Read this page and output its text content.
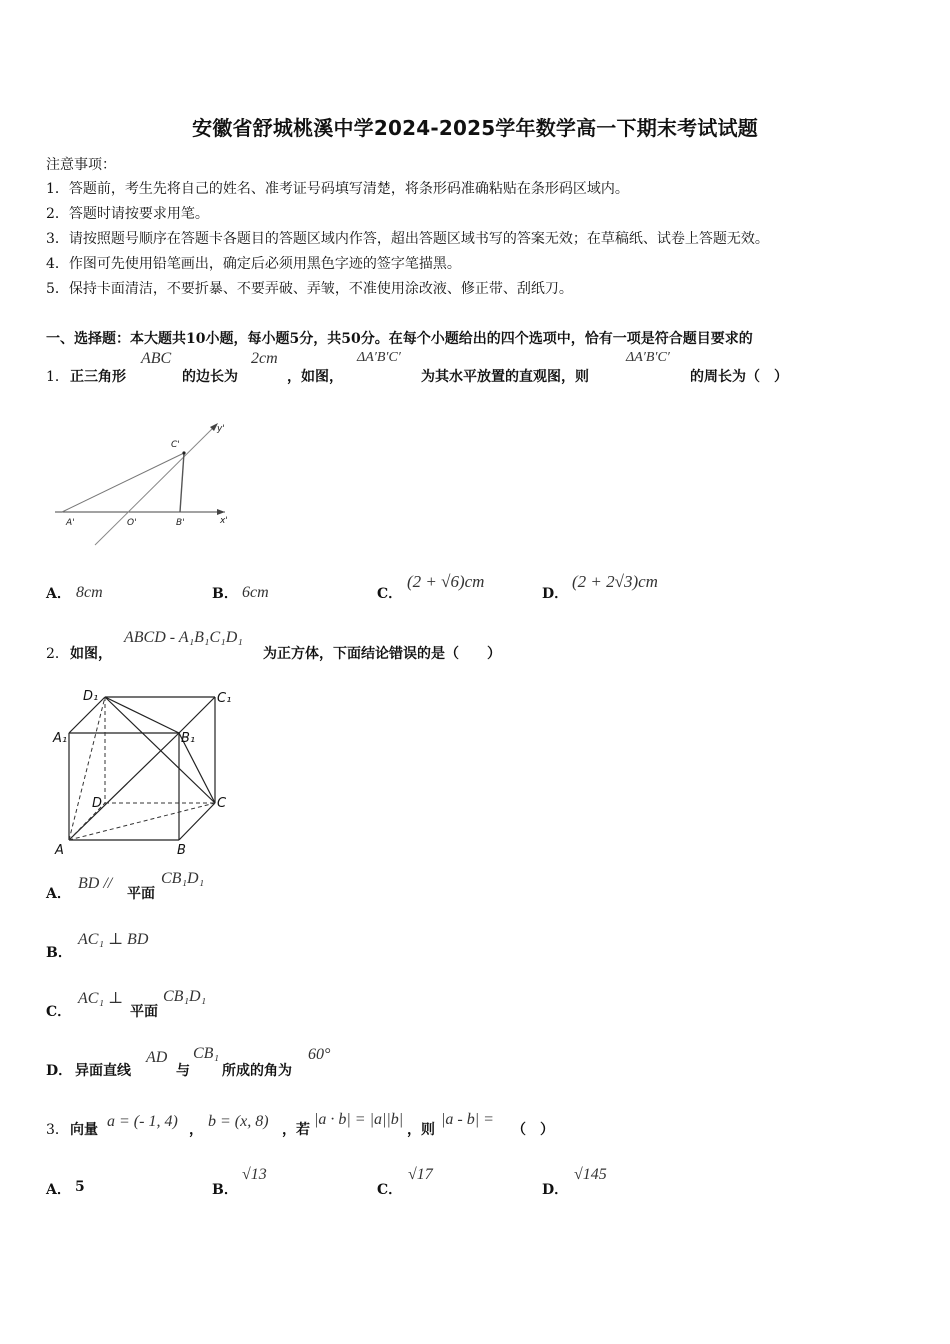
安徽省舒城桃溪中学2024-2025学年数学高一下期末考试试题
注意事项：
1．答题前，考生先将自己的姓名、准考证号码填写清楚，将条形码准确粘贴在条形码区域内。
2．答题时请按要求用笔。
3．请按照题号顺序在答题卡各题目的答题区域内作答，超出答题区域书写的答案无效；在草稿纸、试卷上答题无效。
4．作图可先使用铅笔画出，确定后必须用黑色字迹的签字笔描黑。
5．保持卡面清洁，不要折暴、不要弄破、弄皱，不准使用涂改液、修正带、刮纸刀。
一、选择题：本大题共10小题，每小题5分，共50分。在每个小题给出的四个选项中，恰有一项是符合题目要求的
1． 正三角形
ABC
的边长为
2cm
，如图，
ΔA′B′C′
为其水平放置的直观图，则
ΔA′B′C′
的周长为（　）
C'
y'
A'	O'	B'	x'
A． 8cm	B． 6cm	C．
(2 + √6)cm
D．
(2 + 2√3)cm
2． 如图，
ABCD - A₁B₁C₁D₁
为正方体，下面结论错误的是（　　）
D₁	C₁
A₁	B₁
D	C
A	B
A．
BD //
平面
CB₁D₁
B．
AC₁ ⊥ BD
C．
AC₁ ⊥
平面
CB₁D₁
D． 异面直线
AD
与
CB₁
所成的角为
60°
3． 向量 a = (- 1, 4) ， b = (x, 8) ，若
|a · b| = |a||b|
，则
|a - b| =
（　）
A． 5	B．
√13
C．
√17
D．
√145
